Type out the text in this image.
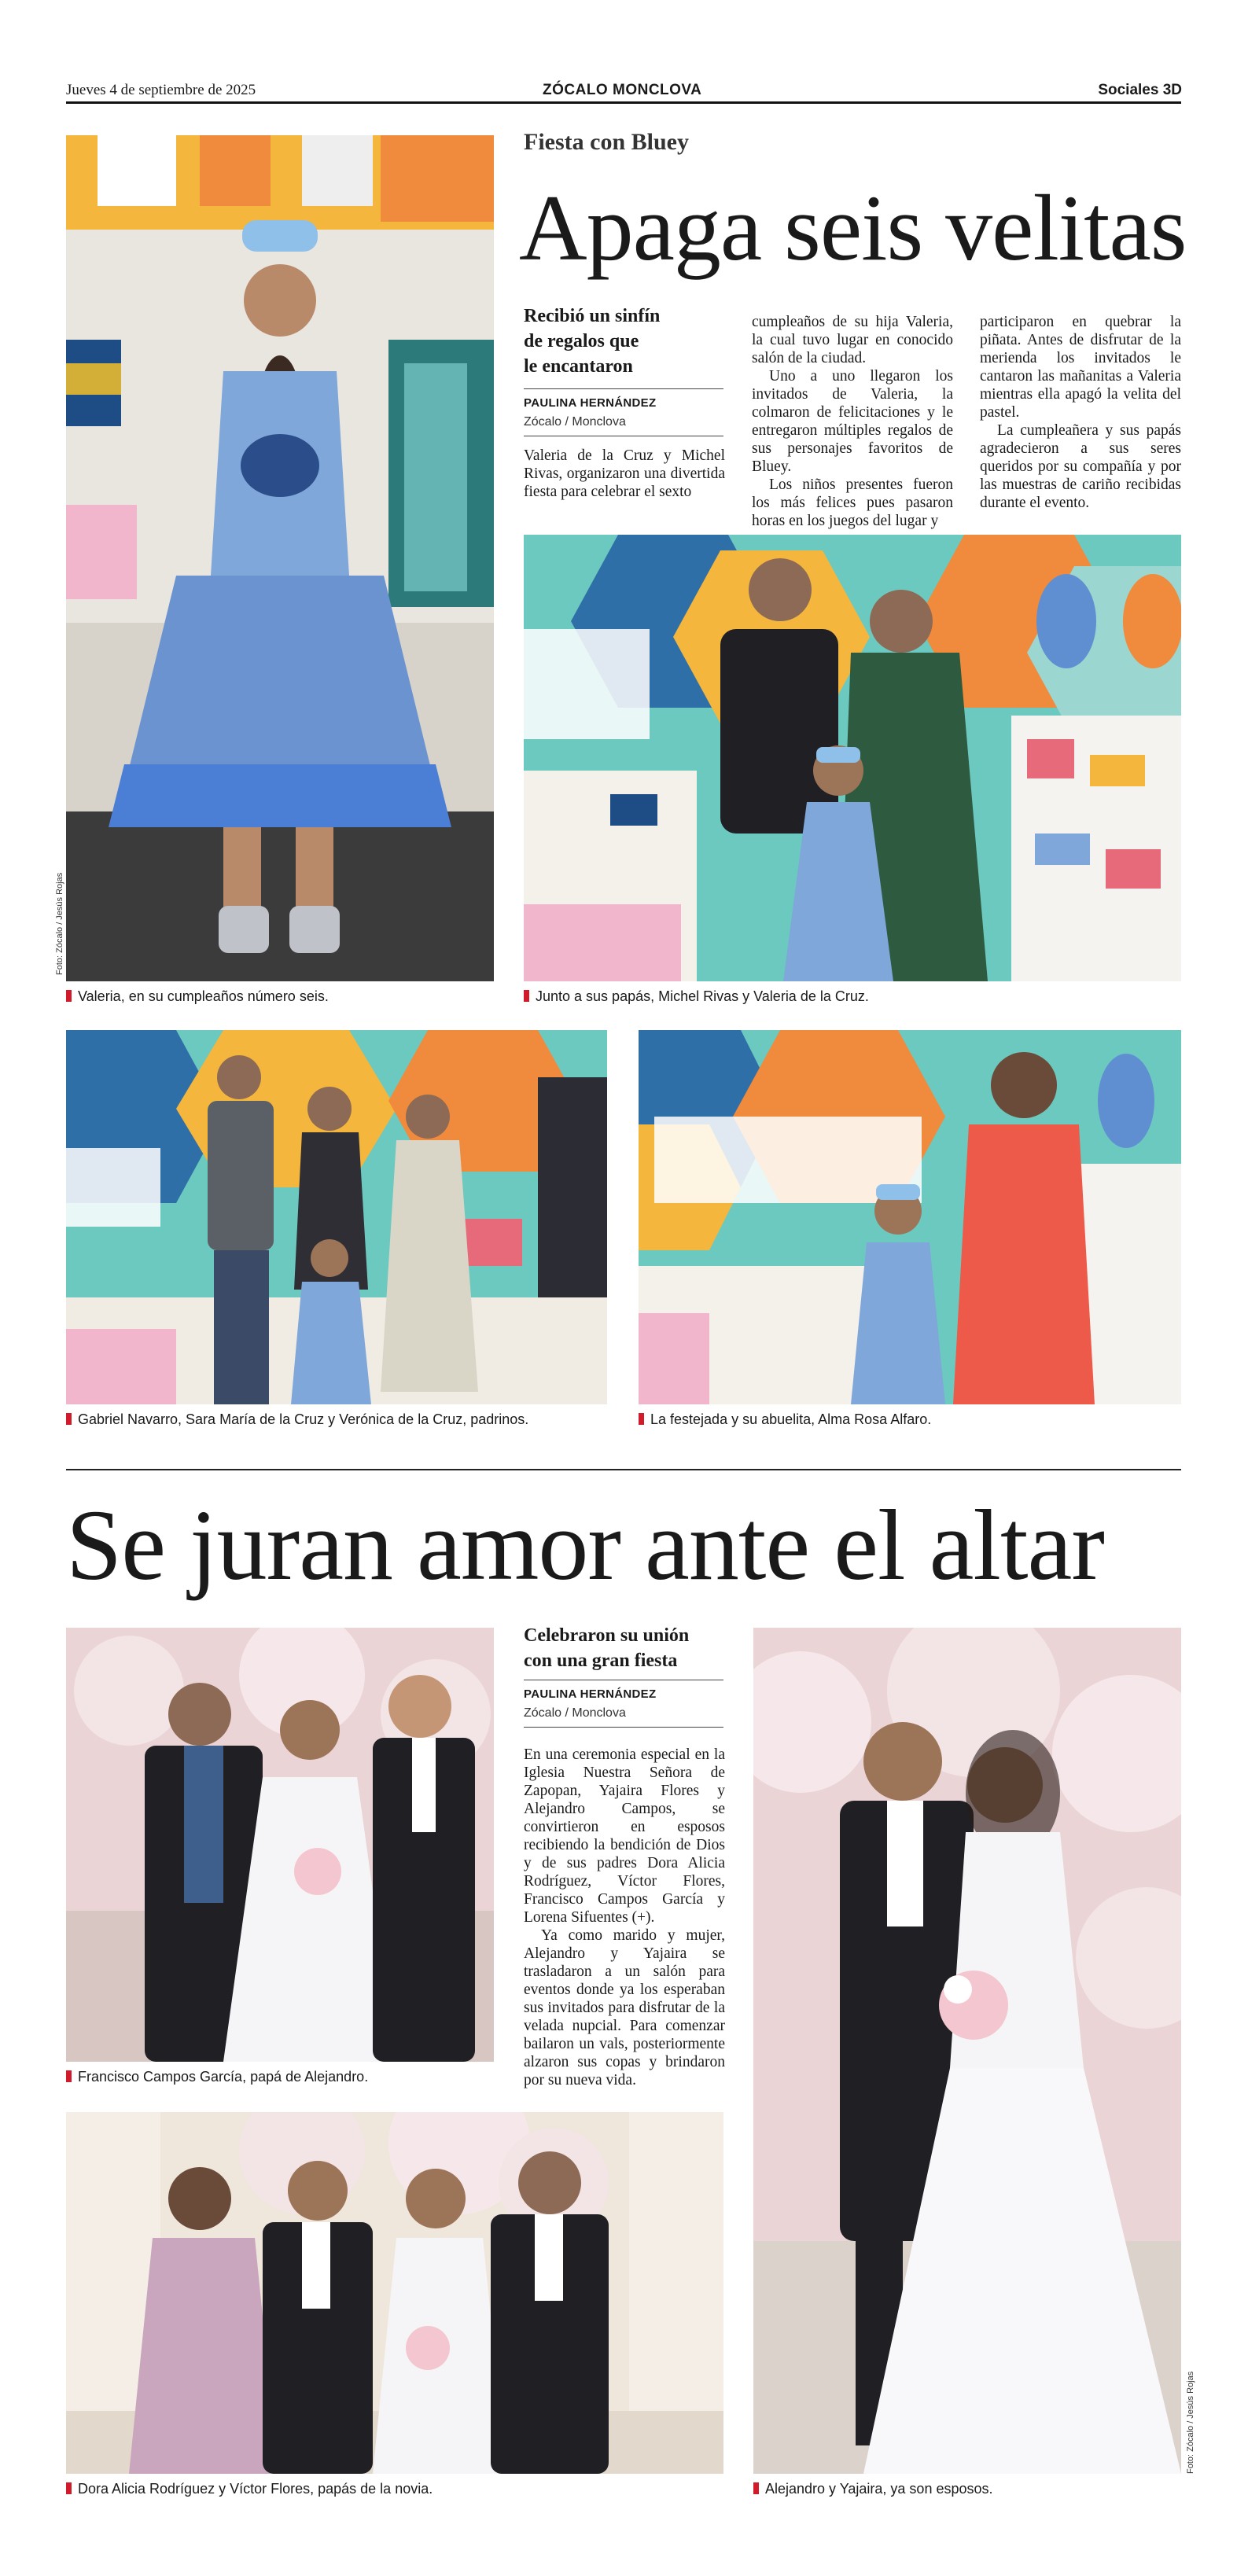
Jueves 4 de septiembre de 2025	ZÓCALO MONCLOVA	Sociales 3D
Foto: Zócalo / Jesús Rojas
Valeria, en su cumpleaños número seis.
Fiesta con Bluey
Apaga seis velitas
Recibió un sinfín
de regalos que
le encantaron
PAULINA HERNÁNDEZ
Zócalo / Monclova

Valeria de la Cruz y Michel Rivas, organizaron una divertida fiesta para celebrar el sexto

cumpleaños de su hija Valeria, la cual tuvo lugar en conocido salón de la ciudad.

Uno a uno llegaron los invitados de Valeria, la colmaron de felicitaciones y le entregaron múltiples regalos de sus personajes favoritos de Bluey.

Los niños presentes fueron los más felices pues pasaron horas en los juegos del lugar y

participaron en quebrar la piñata. Antes de disfrutar de la merienda los invitados le cantaron las mañanitas a Valeria mientras ella apagó la velita del pastel.

La cumpleañera y sus papás agradecieron a sus seres queridos por su compañía y por las muestras de cariño recibidas durante el evento.

Junto a sus papás, Michel Rivas y Valeria de la Cruz.
Gabriel Navarro, Sara María de la Cruz y Verónica de la Cruz, padrinos.	La festejada y su abuelita, Alma Rosa Alfaro.
Se juran amor ante el altar
Francisco Campos García, papá de Alejandro.
Celebraron su unión
con una gran fiesta
PAULINA HERNÁNDEZ
Zócalo / Monclova

En una ceremonia especial en la Iglesia Nuestra Señora de Zapopan, Yajaira Flores y Alejandro Campos, se convirtieron en esposos recibiendo la bendición de Dios y de sus padres Dora Alicia Rodríguez, Víctor Flores, Francisco Campos García y Lorena Sifuentes (+).

Ya como marido y mujer, Alejandro y Yajaira se trasladaron a un salón para eventos donde ya los esperaban sus invitados para disfrutar de la velada nupcial. Para comenzar bailaron un vals, posteriormente alzaron sus copas y brindaron por su nueva vida.

Foto: Zócalo / Jesús Rojas
Alejandro y Yajaira, ya son esposos.
Dora Alicia Rodríguez y Víctor Flores, papás de la novia.
